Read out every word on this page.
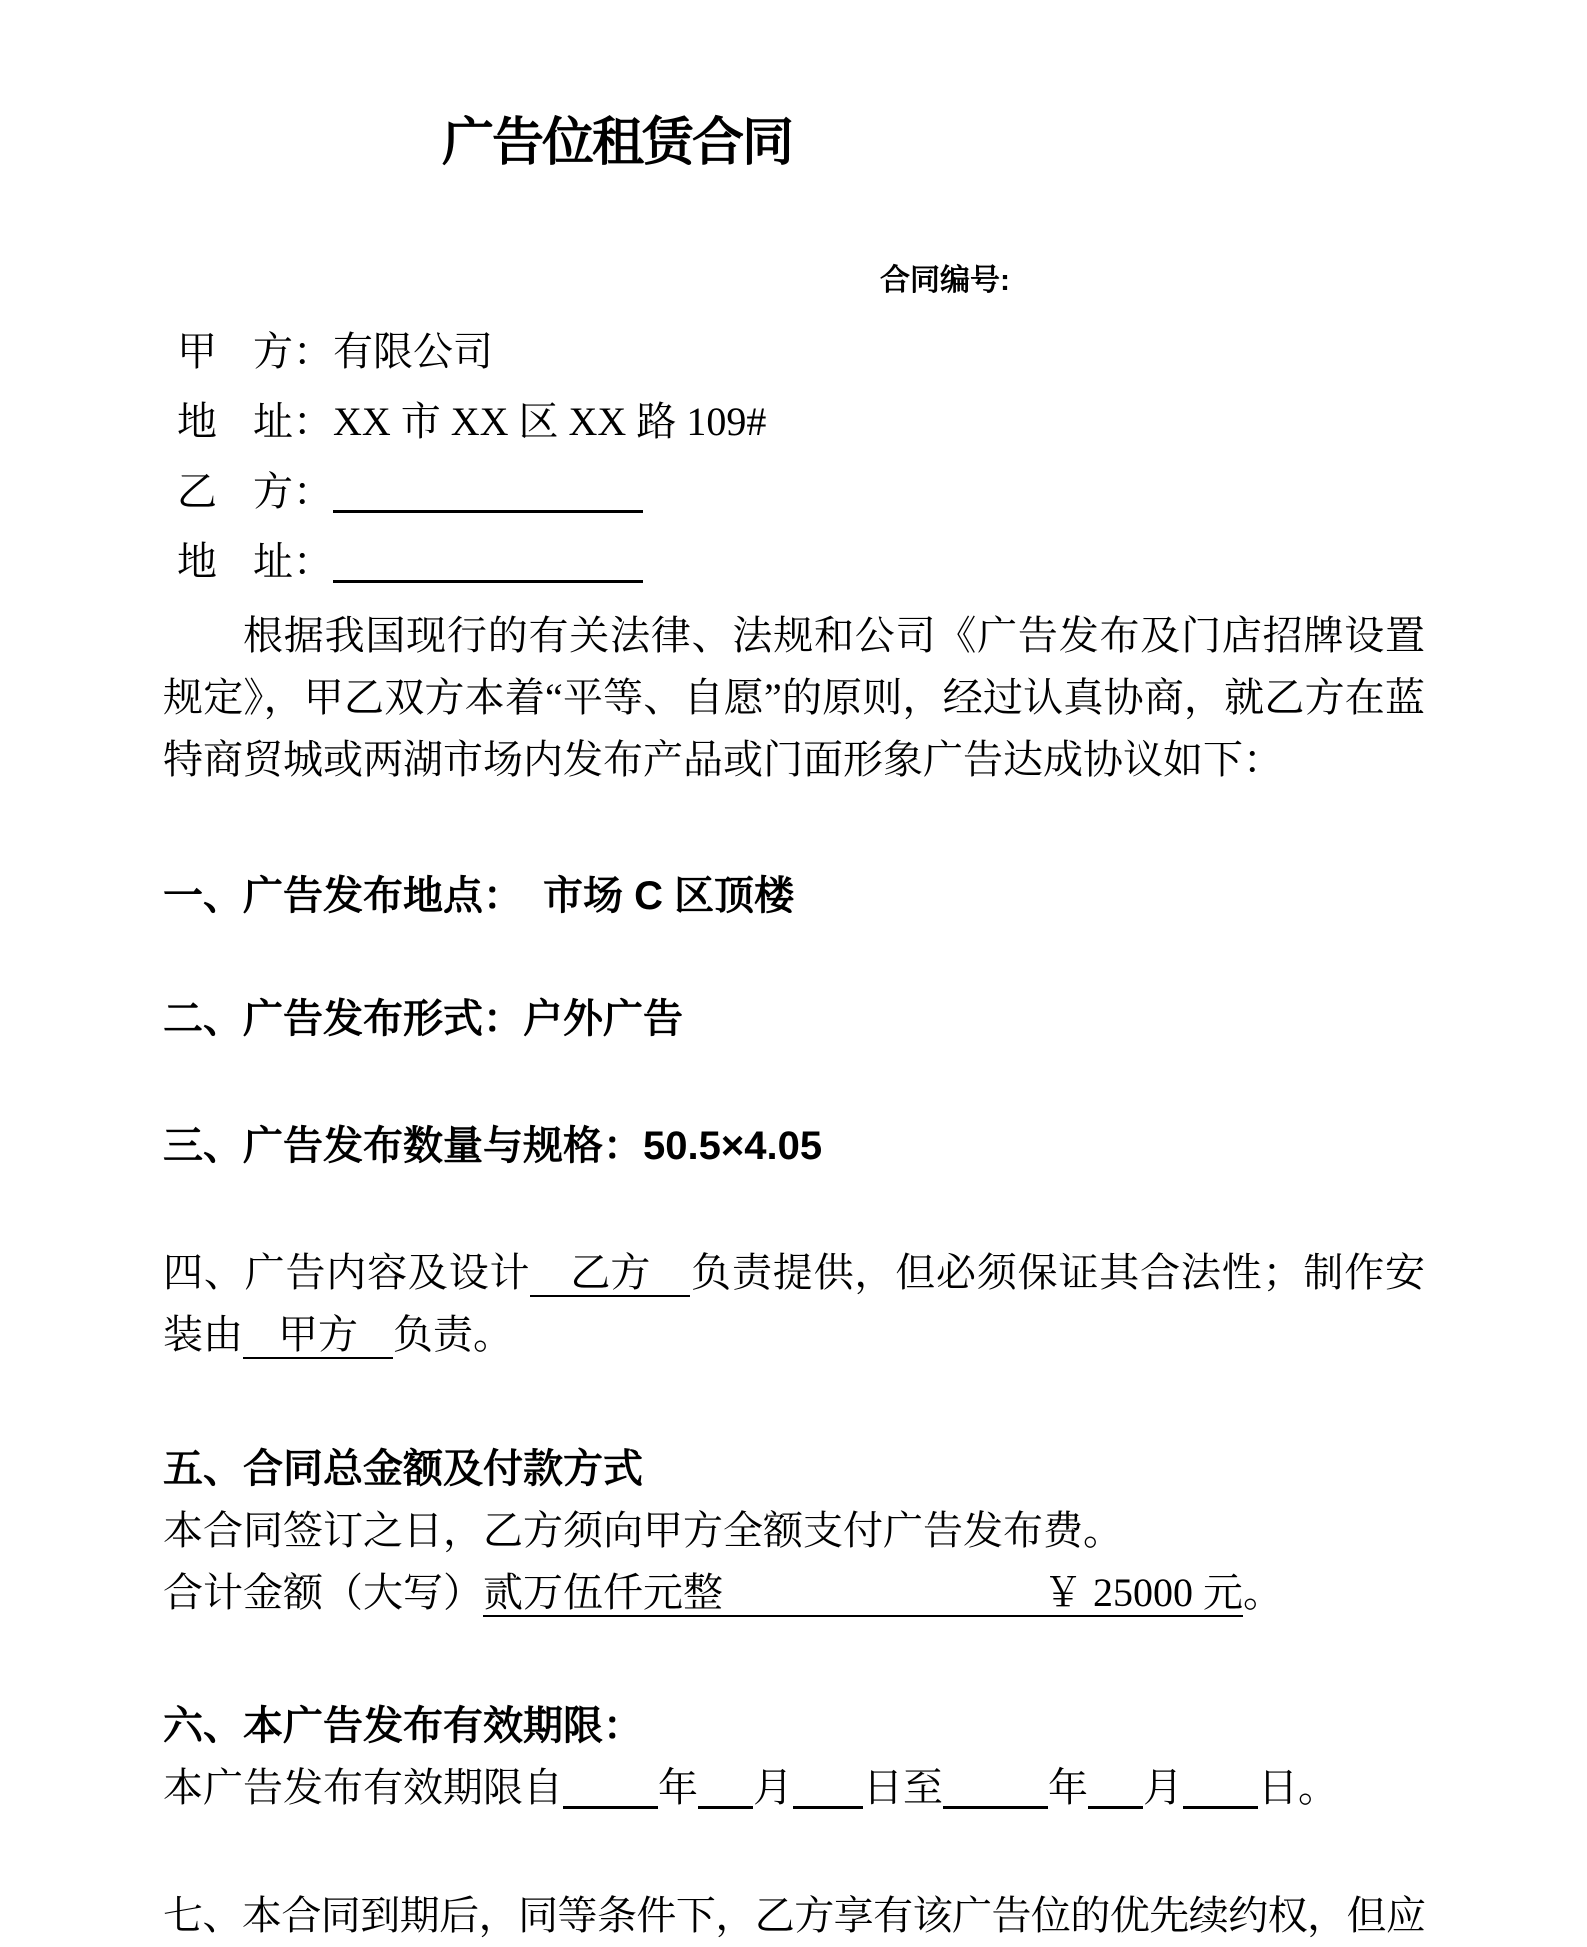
广告位租赁合同
合同编号:
甲 方：有限公司
地 址：XX 市 XX 区 XX 路 109#
乙 方：
地 址：
根据我国现行的有关法律、法规和公司《广告发布及门店招牌设置规定》，甲乙双方本着“平等、自愿”的原则，经过认真协商，就乙方在蓝特商贸城或两湖市场内发布产品或门面形象广告达成协议如下：
一、广告发布地点：　市场 C 区顶楼
二、广告发布形式：户外广告
三、广告发布数量与规格：50.5×4.05
四、广告内容及设计 乙方 负责提供，但必须保证其合法性；制作安装由 甲方 负责。
五、合同总金额及付款方式
本合同签订之日，乙方须向甲方全额支付广告发布费。
合计金额（大写） 贰万伍仟元整	￥ 25000 元 。
六、本广告发布有效期限：
本广告发布有效期限自 年 月 日至	年 月 日。
七、本合同到期后，同等条件下，乙方享有该广告位的优先续约权，但应
